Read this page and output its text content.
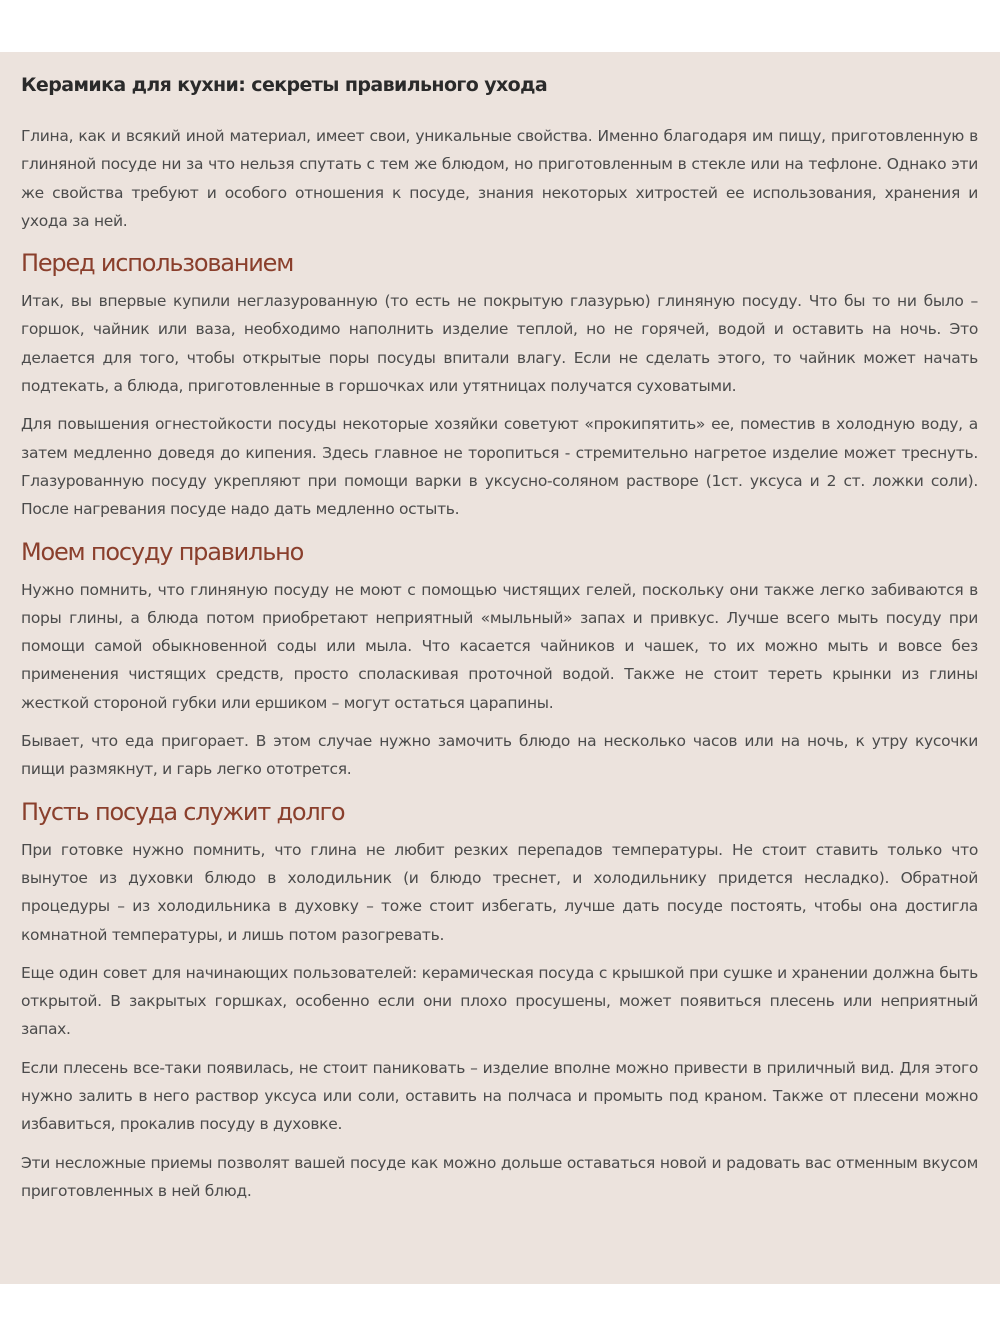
Керамика для кухни: секреты правильного ухода

Глина, как и всякий иной материал, имеет свои, уникальные свойства. Именно благодаря им пищу, приготовленную в глиняной посуде ни за что нельзя спутать с тем же блюдом, но приготовленным в стекле или на тефлоне. Однако эти же свойства требуют и особого отношения к посуде, знания некоторых хитростей ее использования, хранения и ухода за ней.

Перед использованием

Итак, вы впервые купили неглазурованную (то есть не покрытую глазурью) глиняную посуду. Что бы то ни было – горшок, чайник или ваза, необходимо наполнить изделие теплой, но не горячей, водой и оставить на ночь. Это делается для того, чтобы открытые поры посуды впитали влагу. Если не сделать этого, то чайник может начать подтекать, а блюда, приготовленные в горшочках или утятницах получатся суховатыми.

Для повышения огнестойкости посуды некоторые хозяйки советуют «прокипятить» ее, поместив в холодную воду, а затем медленно доведя до кипения. Здесь главное не торопиться - стремительно нагретое изделие может треснуть. Глазурованную посуду укрепляют при помощи варки в уксусно-соляном растворе (1ст. уксуса и 2 ст. ложки соли). После нагревания посуде надо дать медленно остыть.

Моем посуду правильно

Нужно помнить, что глиняную посуду не моют с помощью чистящих гелей, поскольку они также легко забиваются в поры глины, а блюда потом приобретают неприятный «мыльный» запах и привкус. Лучше всего мыть посуду при помощи самой обыкновенной соды или мыла. Что касается чайников и чашек, то их можно мыть и вовсе без применения чистящих средств, просто споласкивая проточной водой. Также не стоит тереть крынки из глины жесткой стороной губки или ершиком – могут остаться царапины.

Бывает, что еда пригорает. В этом случае нужно замочить блюдо на несколько часов или на ночь, к утру кусочки пищи размякнут, и гарь легко ототрется.

Пусть посуда служит долго

При готовке нужно помнить, что глина не любит резких перепадов температуры. Не стоит ставить только что вынутое из духовки блюдо в холодильник (и блюдо треснет, и холодильнику придется несладко). Обратной процедуры – из холодильника в духовку – тоже стоит избегать, лучше дать посуде постоять, чтобы она достигла комнатной температуры, и лишь потом разогревать.

Еще один совет для начинающих пользователей: керамическая посуда с крышкой при сушке и хранении должна быть открытой. В закрытых горшках, особенно если они плохо просушены, может появиться плесень или неприятный запах.

Если плесень все-таки появилась, не стоит паниковать – изделие вполне можно привести в приличный вид. Для этого нужно залить в него раствор уксуса или соли, оставить на полчаса и промыть под краном. Также от плесени можно избавиться, прокалив посуду в духовке.

Эти несложные приемы позволят вашей посуде как можно дольше оставаться новой и радовать вас отменным вкусом приготовленных в ней блюд.
